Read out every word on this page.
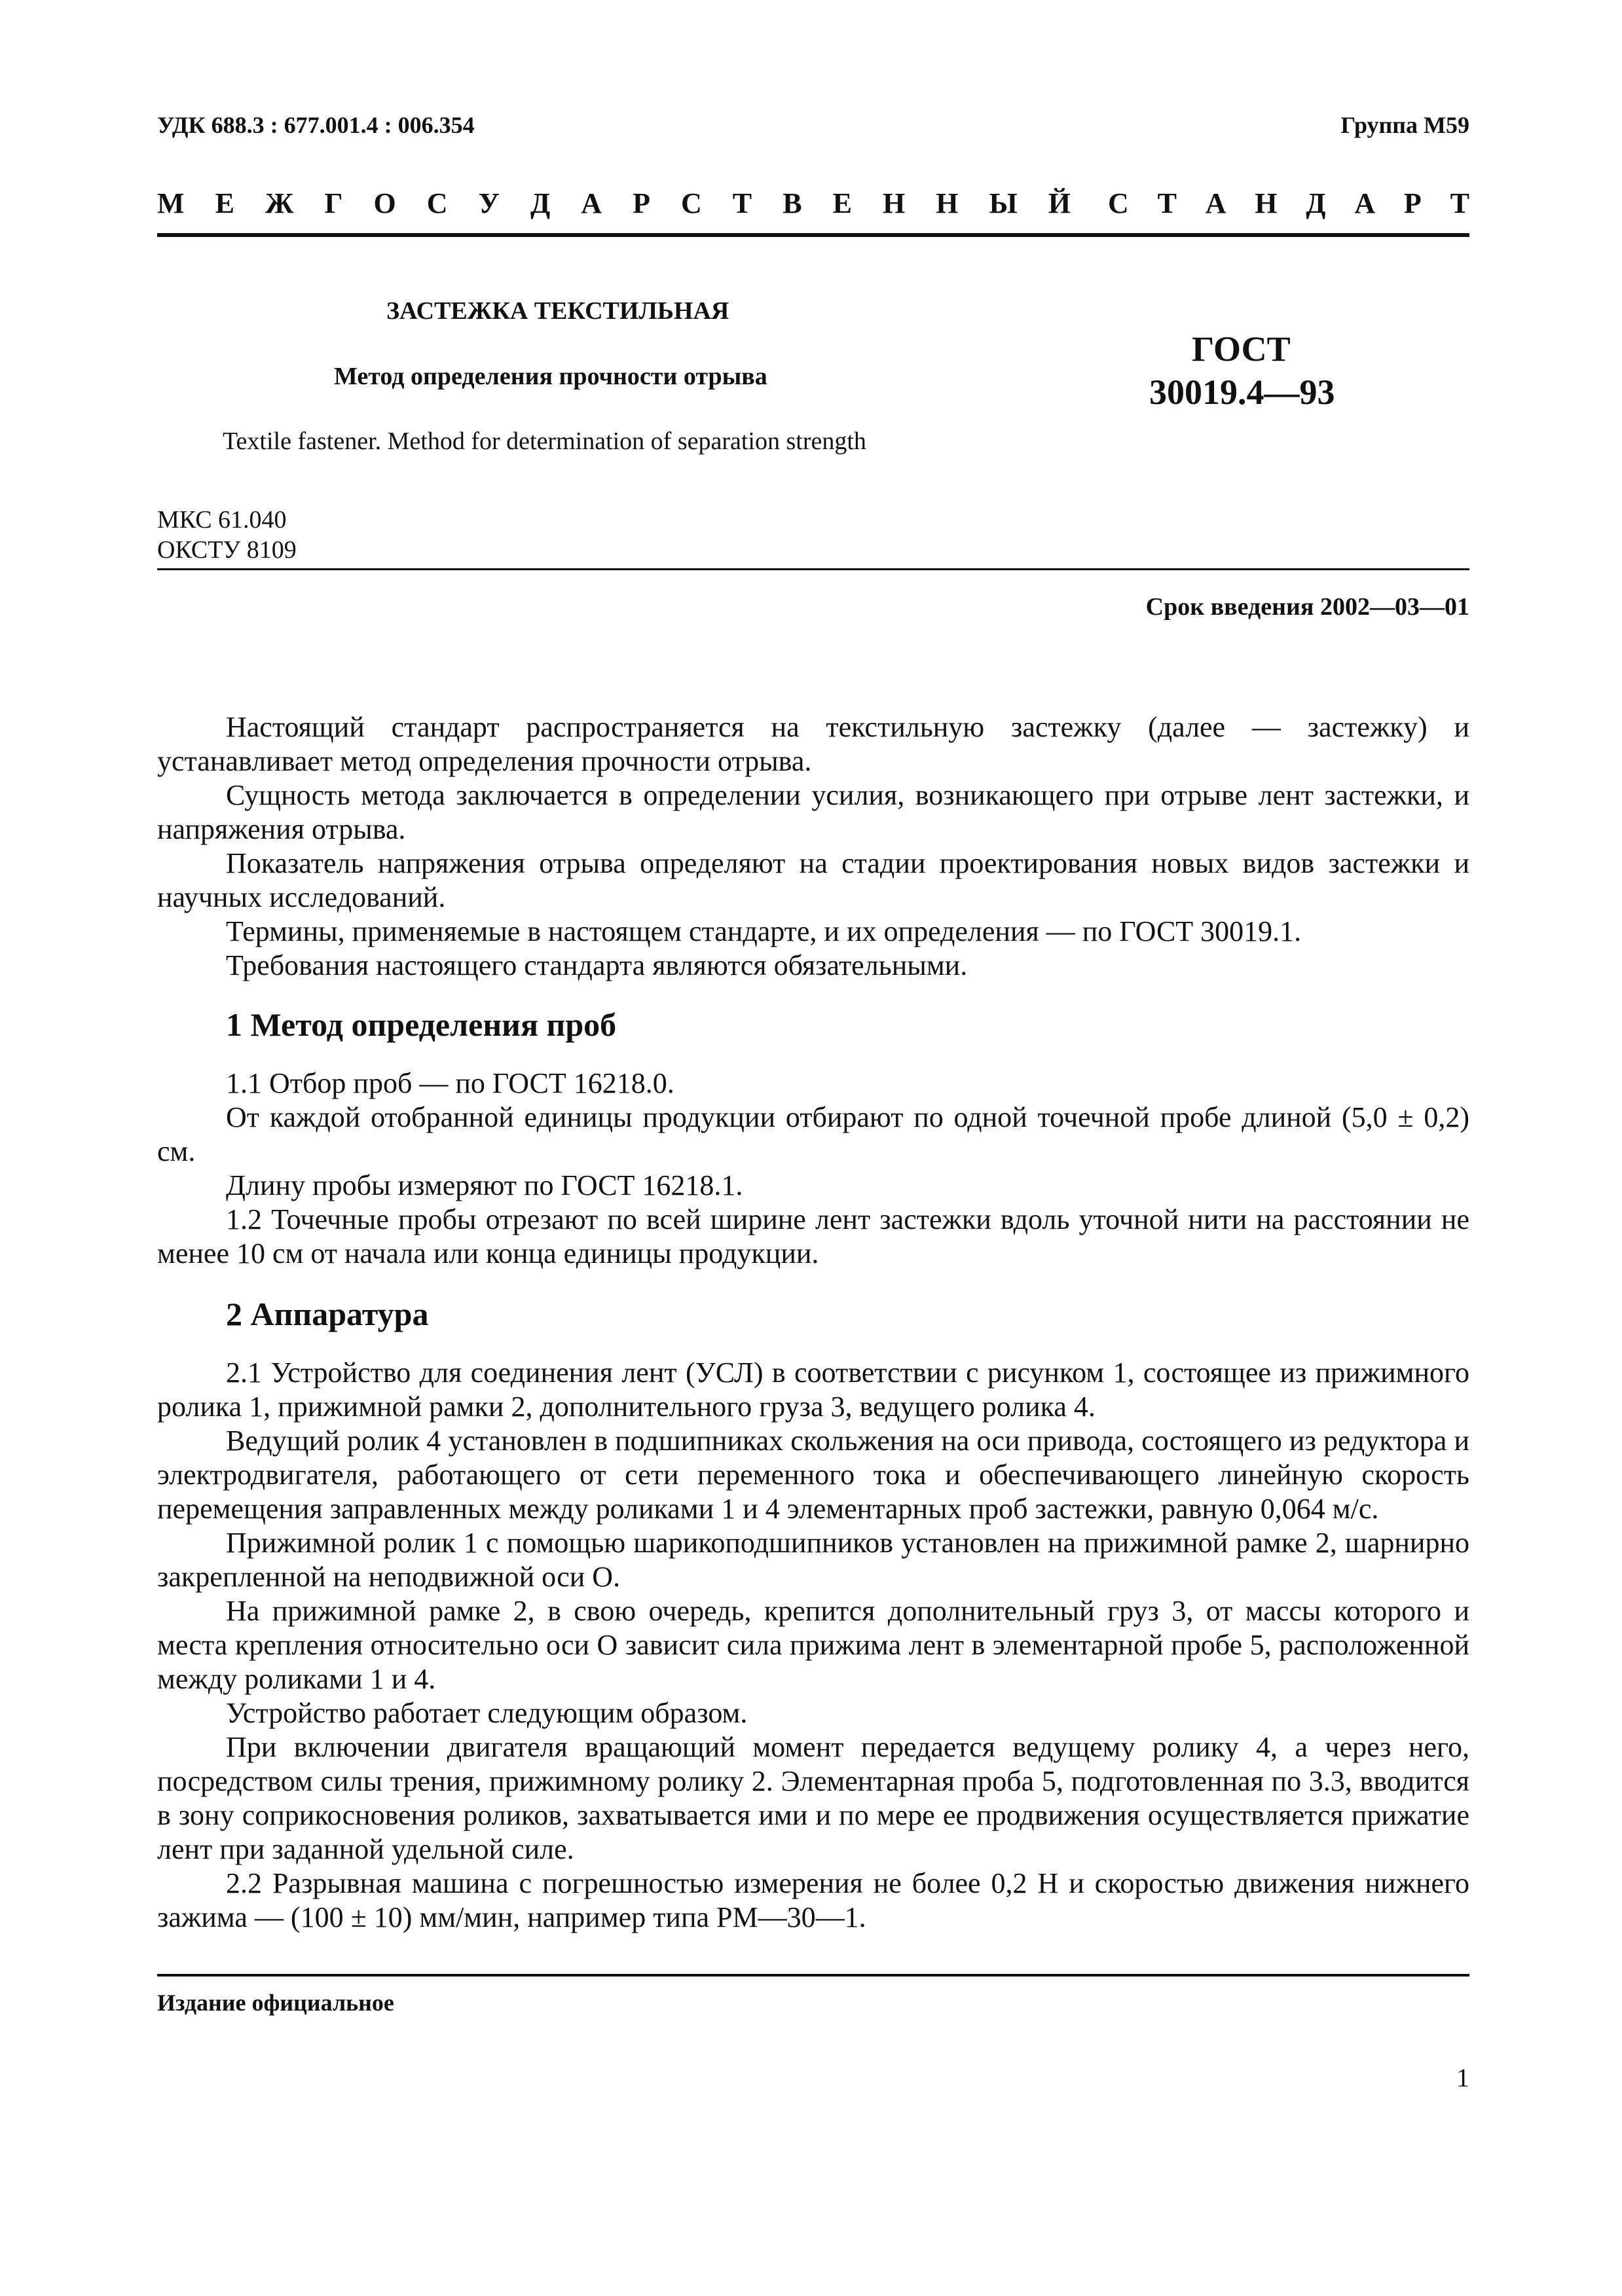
УДК 688.3 : 677.001.4 : 006.354	Группа М59
М Е Ж Г О С У Д А Р С Т В Е Н Н Ы Й С Т А Н Д А Р Т
ЗАСТЕЖКА ТЕКСТИЛЬНАЯ
Метод определения прочности отрыва
ГОСТ
30019.4—93
Textile fastener. Method for determination of separation strength
МКС 61.040
ОКСТУ 8109
Срок введения 2002—03—01

Настоящий стандарт распространяется на текстильную застежку (далее — застежку) и устанавливает метод определения прочности отрыва.

Сущность метода заключается в определении усилия, возникающего при отрыве лент застежки, и напряжения отрыва.

Показатель напряжения отрыва определяют на стадии проектирования новых видов застежки и научных исследований.

Термины, применяемые в настоящем стандарте, и их определения — по ГОСТ 30019.1.

Требования настоящего стандарта являются обязательными.

1 Метод определения проб

1.1 Отбор проб — по ГОСТ 16218.0.

От каждой отобранной единицы продукции отбирают по одной точечной пробе длиной (5,0 ± 0,2) см.

Длину пробы измеряют по ГОСТ 16218.1.

1.2 Точечные пробы отрезают по всей ширине лент застежки вдоль уточной нити на расстоянии не менее 10 см от начала или конца единицы продукции.

2 Аппаратура

2.1 Устройство для соединения лент (УСЛ) в соответствии с рисунком 1, состоящее из прижимного ролика 1, прижимной рамки 2, дополнительного груза 3, ведущего ролика 4.

Ведущий ролик 4 установлен в подшипниках скольжения на оси привода, состоящего из редуктора и электродвигателя, работающего от сети переменного тока и обеспечивающего линейную скорость перемещения заправленных между роликами 1 и 4 элементарных проб застежки, равную 0,064 м/с.

Прижимной ролик 1 с помощью шарикоподшипников установлен на прижимной рамке 2, шарнирно закрепленной на неподвижной оси О.

На прижимной рамке 2, в свою очередь, крепится дополнительный груз 3, от массы которого и места крепления относительно оси О зависит сила прижима лент в элементарной пробе 5, расположенной между роликами 1 и 4.

Устройство работает следующим образом.

При включении двигателя вращающий момент передается ведущему ролику 4, а через него, посредством силы трения, прижимному ролику 2. Элементарная проба 5, подготовленная по 3.3, вводится в зону соприкосновения роликов, захватывается ими и по мере ее продвижения осуществляется прижатие лент при заданной удельной силе.

2.2 Разрывная машина с погрешностью измерения не более 0,2 Н и скоростью движения нижнего зажима — (100 ± 10) мм/мин, например типа РМ—30—1.

Издание официальное
1
